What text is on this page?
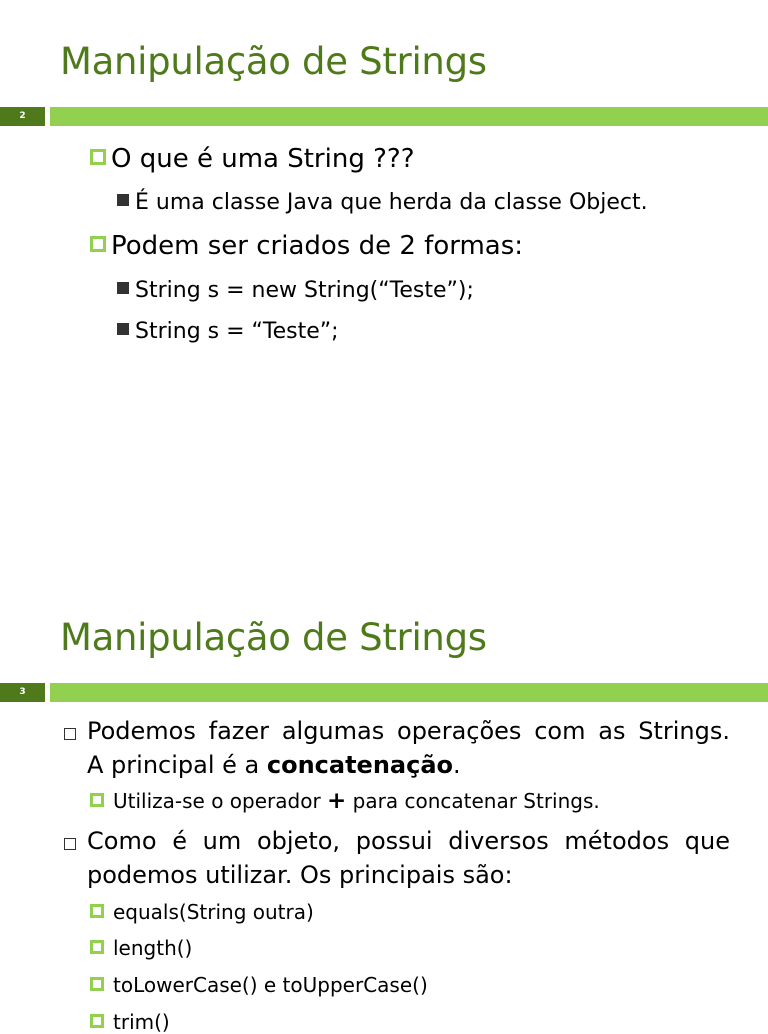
Manipulação de Strings
2
O que é uma String ???
É uma classe Java que herda da classe Object.
Podem ser criados de 2 formas:
String s = new String(“Teste”);
String s = “Teste”;
Manipulação de Strings
3
Podemos fazer algumas operações com as Strings.
A principal é a concatenação.
Utiliza-se o operador + para concatenar Strings.
Como é um objeto, possui diversos métodos que
podemos utilizar. Os principais são:
equals(String outra)
length()
toLowerCase() e toUpperCase()
trim()
